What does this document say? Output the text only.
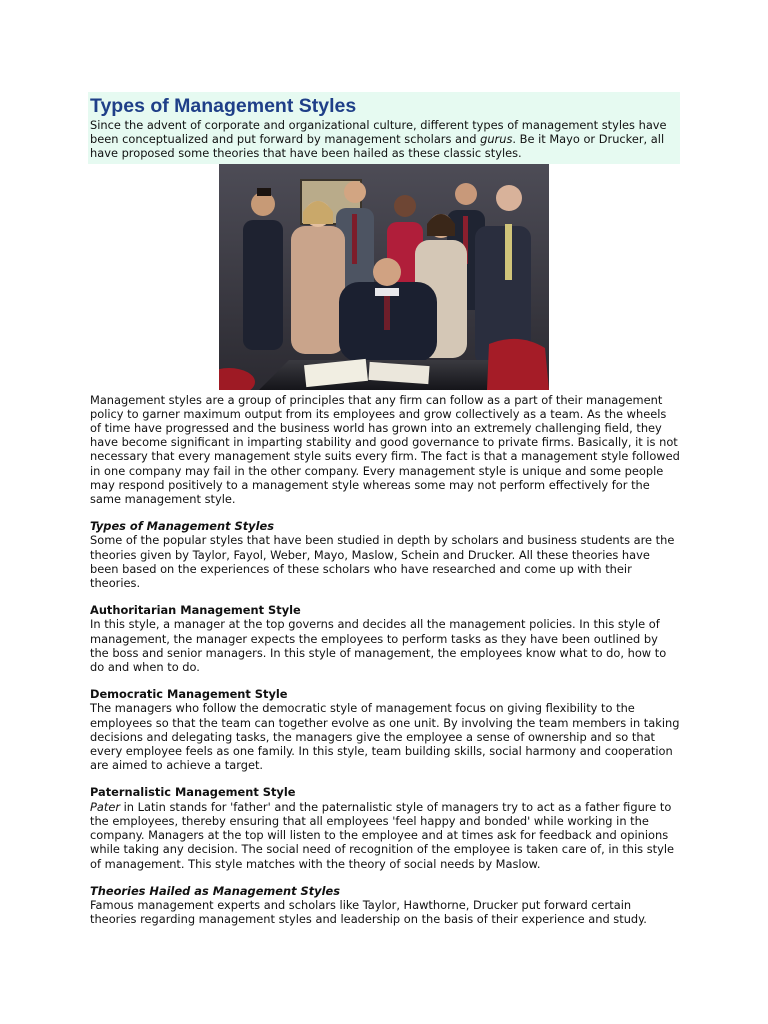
Types of Management Styles

Since the advent of corporate and organizational culture, different types of management styles have been conceptualized and put forward by management scholars and gurus. Be it Mayo or Drucker, all have proposed some theories that have been hailed as these classic styles.

Management styles are a group of principles that any firm can follow as a part of their management policy to garner maximum output from its employees and grow collectively as a team. As the wheels of time have progressed and the business world has grown into an extremely challenging field, they have become significant in imparting stability and good governance to private firms. Basically, it is not necessary that every management style suits every firm. The fact is that a management style followed in one company may fail in the other company. Every management style is unique and some people may respond positively to a management style whereas some may not perform effectively for the same management style.

Types of Management Styles

Some of the popular styles that have been studied in depth by scholars and business students are the theories given by Taylor, Fayol, Weber, Mayo, Maslow, Schein and Drucker. All these theories have been based on the experiences of these scholars who have researched and come up with their theories.

Authoritarian Management Style

In this style, a manager at the top governs and decides all the management policies. In this style of management, the manager expects the employees to perform tasks as they have been outlined by the boss and senior managers. In this style of management, the employees know what to do, how to do and when to do.

Democratic Management Style

The managers who follow the democratic style of management focus on giving flexibility to the employees so that the team can together evolve as one unit. By involving the team members in taking decisions and delegating tasks, the managers give the employee a sense of ownership and so that every employee feels as one family. In this style, team building skills, social harmony and cooperation are aimed to achieve a target.

Paternalistic Management Style

Pater in Latin stands for 'father' and the paternalistic style of managers try to act as a father figure to the employees, thereby ensuring that all employees 'feel happy and bonded' while working in the company. Managers at the top will listen to the employee and at times ask for feedback and opinions while taking any decision. The social need of recognition of the employee is taken care of, in this style of management. This style matches with the theory of social needs by Maslow.

Theories Hailed as Management Styles

Famous management experts and scholars like Taylor, Hawthorne, Drucker put forward certain theories regarding management styles and leadership on the basis of their experience and study.
